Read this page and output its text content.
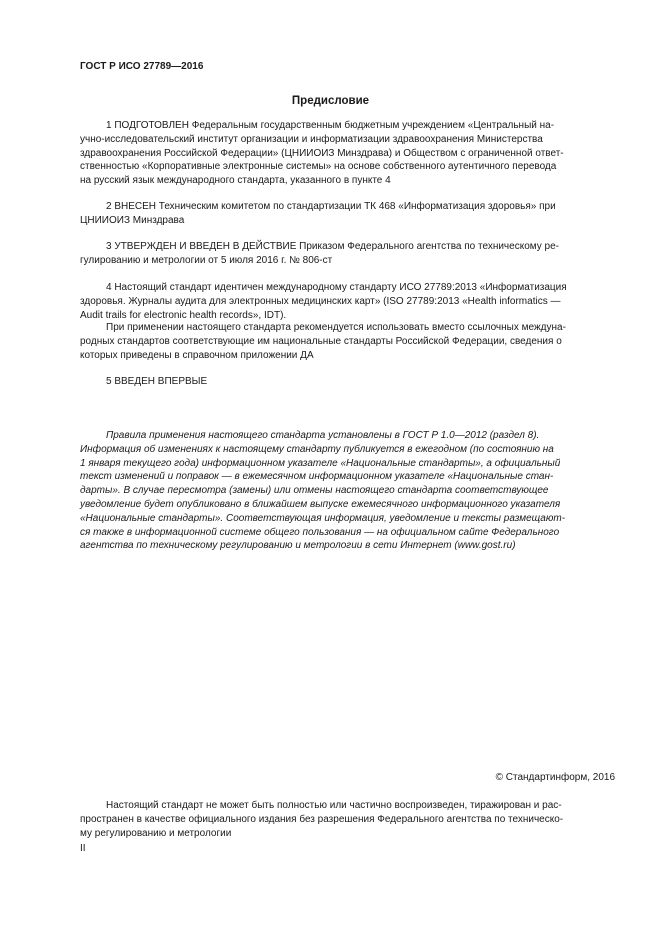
ГОСТ Р ИСО 27789—2016
Предисловие

1 ПОДГОТОВЛЕН Федеральным государственным бюджетным учреждением «Центральный на-

учно-исследовательский институт организации и информатизации здравоохранения Министерства

здравоохранения Российской Федерации» (ЦНИИОИЗ Минздрава) и Обществом с ограниченной ответ-

ственностью «Корпоративные электронные системы» на основе собственного аутентичного перевода

на русский язык международного стандарта, указанного в пункте 4

2 ВНЕСЕН Техническим комитетом по стандартизации ТК 468 «Информатизация здоровья» при

ЦНИИОИЗ Минздрава

3 УТВЕРЖДЕН И ВВЕДЕН В ДЕЙСТВИЕ Приказом Федерального агентства по техническому ре-

гулированию и метрологии от 5 июля 2016 г. № 806-ст

4 Настоящий стандарт идентичен международному стандарту ИСО 27789:2013 «Информатизация

здоровья. Журналы аудита для электронных медицинских карт» (ISO 27789:2013 «Health informatics —

Audit trails for electronic health records», IDT).

При применении настоящего стандарта рекомендуется использовать вместо ссылочных междуна-

родных стандартов соответствующие им национальные стандарты Российской Федерации, сведения о

которых приведены в справочном приложении ДА

5 ВВЕДЕН ВПЕРВЫЕ

Правила применения настоящего стандарта установлены в ГОСТ Р 1.0—2012 (раздел 8).

Информация об изменениях к настоящему стандарту публикуется в ежегодном (по состоянию на

1 января текущего года) информационном указателе «Национальные стандарты», а официальный

текст изменений и поправок — в ежемесячном информационном указателе «Национальные стан-

дарты». В случае пересмотра (замены) или отмены настоящего стандарта соответствующее

уведомление будет опубликовано в ближайшем выпуске ежемесячного информационного указателя

«Национальные стандарты». Соответствующая информация, уведомление и тексты размещают-

ся также в информационной системе общего пользования — на официальном сайте Федерального

агентства по техническому регулированию и метрологии в сети Интернет (www.gost.ru)

© Стандартинформ, 2016

Настоящий стандарт не может быть полностью или частично воспроизведен, тиражирован и рас-

пространен в качестве официального издания без разрешения Федерального агентства по техническо-

му регулированию и метрологии

II
